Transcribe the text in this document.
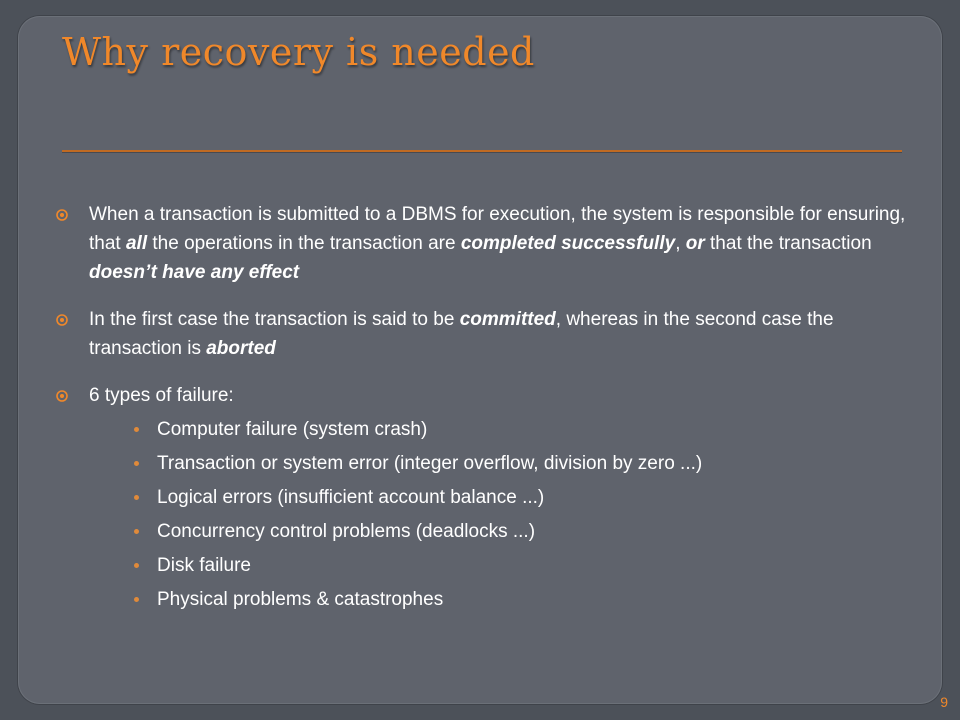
Why recovery is needed
When a transaction is submitted to a DBMS for execution, the system is responsible for ensuring, that all the operations in the transaction are completed successfully, or that the transaction doesn’t have any effect
In the first case the transaction is said to be committed, whereas in the second case the transaction is aborted
6 types of failure:
Computer failure (system crash)
Transaction or system error (integer overflow, division by zero ...)
Logical errors (insufficient account balance ...)
Concurrency control problems (deadlocks ...)
Disk failure
Physical problems & catastrophes
9
